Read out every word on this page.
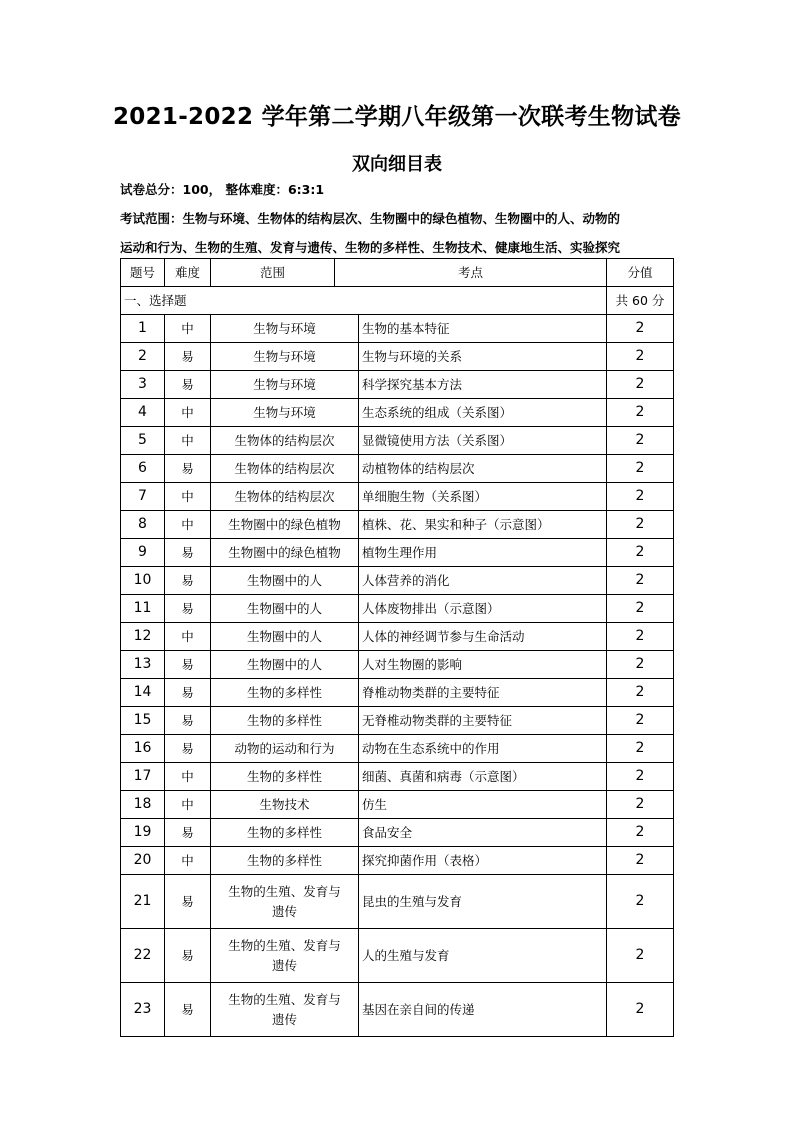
2021-2022 学年第二学期八年级第一次联考生物试卷
双向细目表
试卷总分：100， 整体难度：6:3:1
考试范围：生物与环境、生物体的结构层次、生物圈中的绿色植物、生物圈中的人、动物的
运动和行为、生物的生殖、发育与遗传、生物的多样性、生物技术、健康地生活、实验探究
题号	难度	范围	考点		分值
一、选择题					共 60 分
1	中	生物与环境		生物的基本特征	2
2	易	生物与环境		生物与环境的关系	2
3	易	生物与环境		科学探究基本方法	2
4	中	生物与环境		生态系统的组成（关系图）	2
5	中	生物体的结构层次		显微镜使用方法（关系图）	2
6	易	生物体的结构层次		动植物体的结构层次	2
7	中	生物体的结构层次		单细胞生物（关系图）	2
8	中	生物圈中的绿色植物		植株、花、果实和种子（示意图）	2
9	易	生物圈中的绿色植物		植物生理作用	2
10	易	生物圈中的人		人体营养的消化	2
11	易	生物圈中的人		人体废物排出（示意图）	2
12	中	生物圈中的人		人体的神经调节参与生命活动	2
13	易	生物圈中的人		人对生物圈的影响	2
14	易	生物的多样性		脊椎动物类群的主要特征	2
15	易	生物的多样性		无脊椎动物类群的主要特征	2
16	易	动物的运动和行为		动物在生态系统中的作用	2
17	中	生物的多样性		细菌、真菌和病毒（示意图）	2
18	中	生物技术		仿生	2
19	易	生物的多样性		食品安全	2
20	中	生物的多样性		探究抑菌作用（表格）	2
21	易	生物的生殖、发育与
遗传		昆虫的生殖与发育	2
22	易	生物的生殖、发育与
遗传		人的生殖与发育	2
23	易	生物的生殖、发育与
遗传		基因在亲自间的传递	2
